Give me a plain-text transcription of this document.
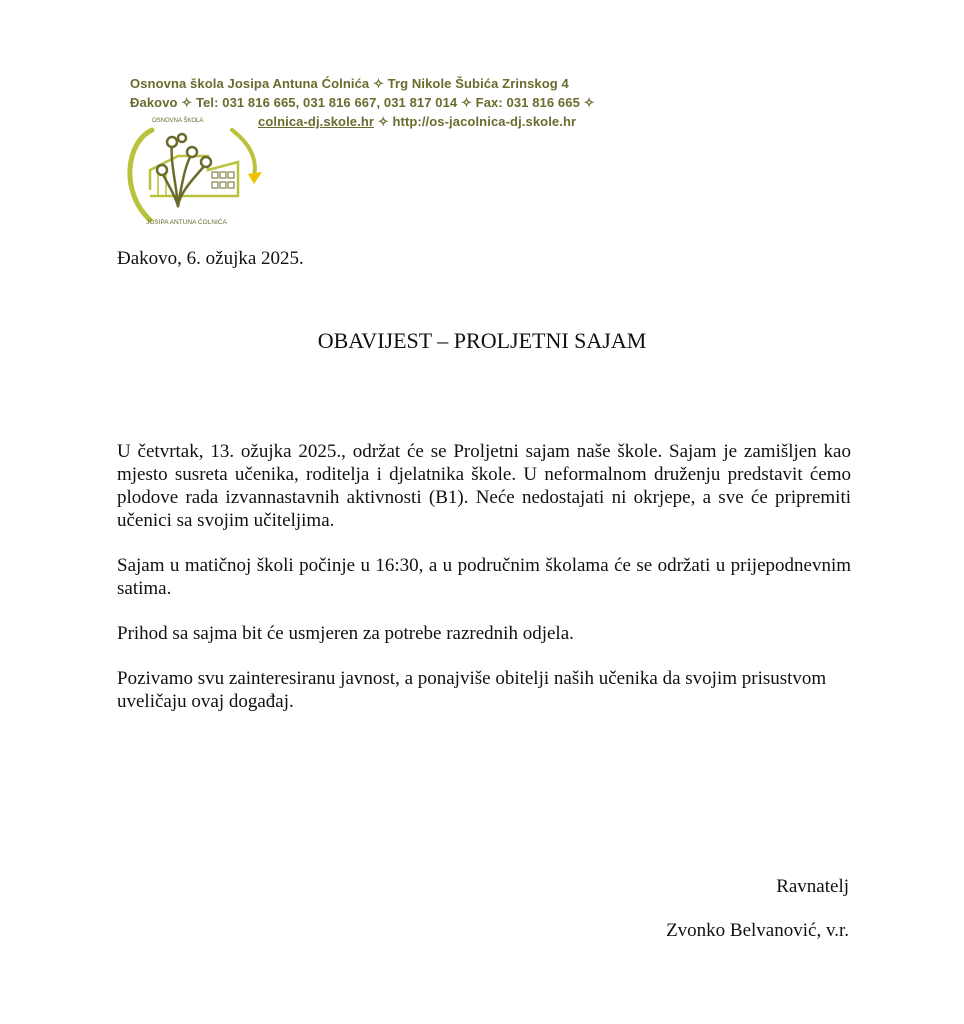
Osnovna škola Josipa Antuna Ćolnića ✧ Trg Nikole Šubića Zrinskog 4
Đakovo ✧ Tel: 031 816 665, 031 816 667, 031 817 014 ✧ Fax: 031 816 665 ✧
colnica-dj.skole.hr ✧ http://os-jacolnica-dj.skole.hr
OSNOVNA ŠKOLA
JOSIPA ANTUNA ĆOLNIĆA
Đakovo, 6. ožujka 2025.
OBAVIJEST – PROLJETNI SAJAM

U četvrtak, 13. ožujka 2025., održat će se Proljetni sajam naše škole. Sajam je zamišljen kao mjesto susreta učenika, roditelja i djelatnika škole. U neformalnom druženju predstavit ćemo plodove rada izvannastavnih aktivnosti (B1). Neće nedostajati ni okrjepe, a sve će pripremiti učenici sa svojim učiteljima.

Sajam u matičnoj školi počinje u 16:30, a u područnim školama će se održati u prijepodnevnim satima.

Prihod sa sajma bit će usmjeren za potrebe razrednih odjela.

Pozivamo svu zainteresiranu javnost, a ponajviše obitelji naših učenika da svojim prisustvom uveličaju ovaj događaj.

Ravnatelj
Zvonko Belvanović, v.r.
